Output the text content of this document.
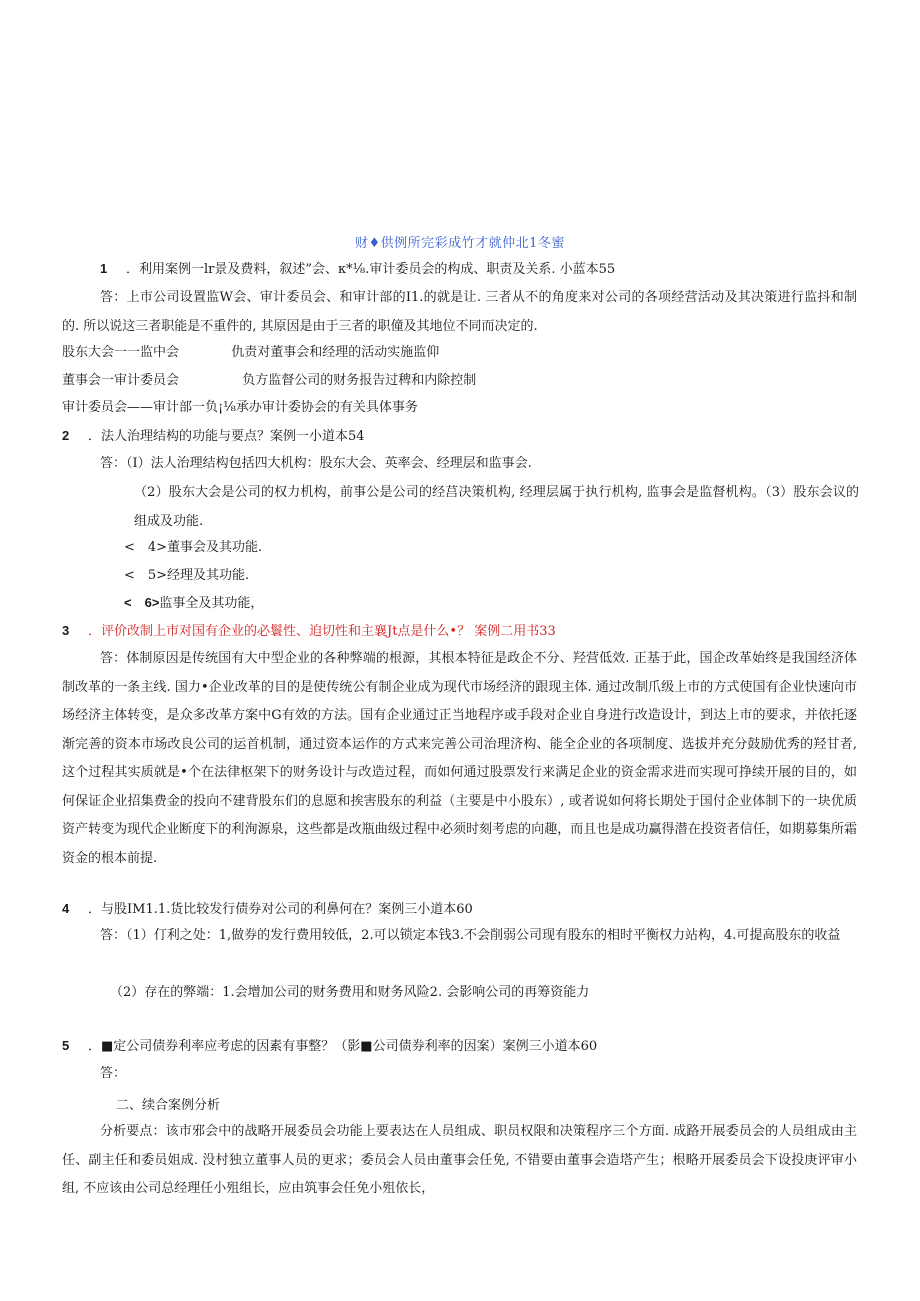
财♦供例所完彩成竹才就仲北1冬蜜
1 ．利用案例一lr景及费料，叙述”会、κ*⅛.审计委员会的构成、职责及关系. 小蓝本55
答：上市公司设置监W会、审计委员会、和审计部的I1.的就是让. 三者从不的角度来对公司的各项经营活动及其决策进行监抖和制的. 所以说这三者职能是不重件的, 其原因是由于三者的职僮及其地位不同而决定的.
股东大会一一监中会	仇责对董事会和经理的活动实施监仰
董事会一审计委员会	负方监督公司的财务报告过稗和内除控制
审计委员会——审计部一负¡⅛承办审计委协会的有关具体事务
2 ．法人治理结构的功能与要点？案例一小道本54
答：（I）法人治理结构包括四大机构：股东大会、英率会、经理层和监事会.
（2）股东大会是公司的权力机构，前事公是公司的经莒决策机构, 经理层属于执行机构, 监事会是监督机构。（3）股东会议的组成及功能.
<　4>董事会及其功能.
<　5>经理及其功能.
<　6>监事全及其功能，
3 ．评价改制上市对国有企业的必鬟性、迫切性和主襄Jt点是什么•？ 案例二用书33
答：体制原因是传统国有大中型企业的各种弊端的根源，其根本特征是政企不分、羟营低效. 正基于此，国企改革始终是我国经济体制改革的一条主线. 国力•企业改革的目的是使传统公有制企业成为现代市场经济的跟现主体. 通过改制爪级上市的方式使国有企业快速向市场经济主体转变，是众多改革方案中G有效的方法。国有企业通过正当地程序或手段对企业自身进行改造设计，到达上市的要求，并依托逐渐完善的资本市场改良公司的运首机制，通过资本运作的方式来完善公司治理济构、能全企业的各项制度、选拔并充分鼓励优秀的羟甘者, 这个过程其实质就是•个在法律枢架下的财务设计与改造过程，而如何通过股票发行来满足企业的资金需求进而实现可挣续开展的目的，如何保证企业招集费金的投向不建背股东们的息愿和挨害股东的利益（主要是中小股东）, 或者说如何将长期处于国付企业体制下的一块优质资产转变为现代企业断度下的利洵源泉，这些都是改瓶曲级过程中必须时刻考虑的向趣，而且也是成功赢得潜在投资者信任，如期募集所霜资金的根本前提.
4 ．与股IM1.1.货比较发行债券对公司的利鼻何在？案例三小道本60
答：（1）仃利之处：1,做券的发行费用较低，2.可以锁定本钱3.不会削弱公司现有股东的相时平衡权力站构，4.可提高股东的收益
（2）存在的弊端：1.会增加公司的财务费用和财务风险2. 会影响公司的再筹资能力
5 ．■定公司债券利率应考虑的因素有事整？（影■公司债券利率的因案）案例三小道本60
答：
二、续合案例分析
分析要点：该市邪会中的战略开展委员会功能上要表达在人员组成、职员权限和决策程序三个方面. 成路开展委员会的人员组成由主任、副主任和委员姐成. 没村独立董事人员的更求；委员会人员由董事会任免, 不错要由董事会造塔产生；根略开展委员会下设投庚评审小组, 不应该由公司总经理任小殂组长，应由筑事会任免小殂依长，
